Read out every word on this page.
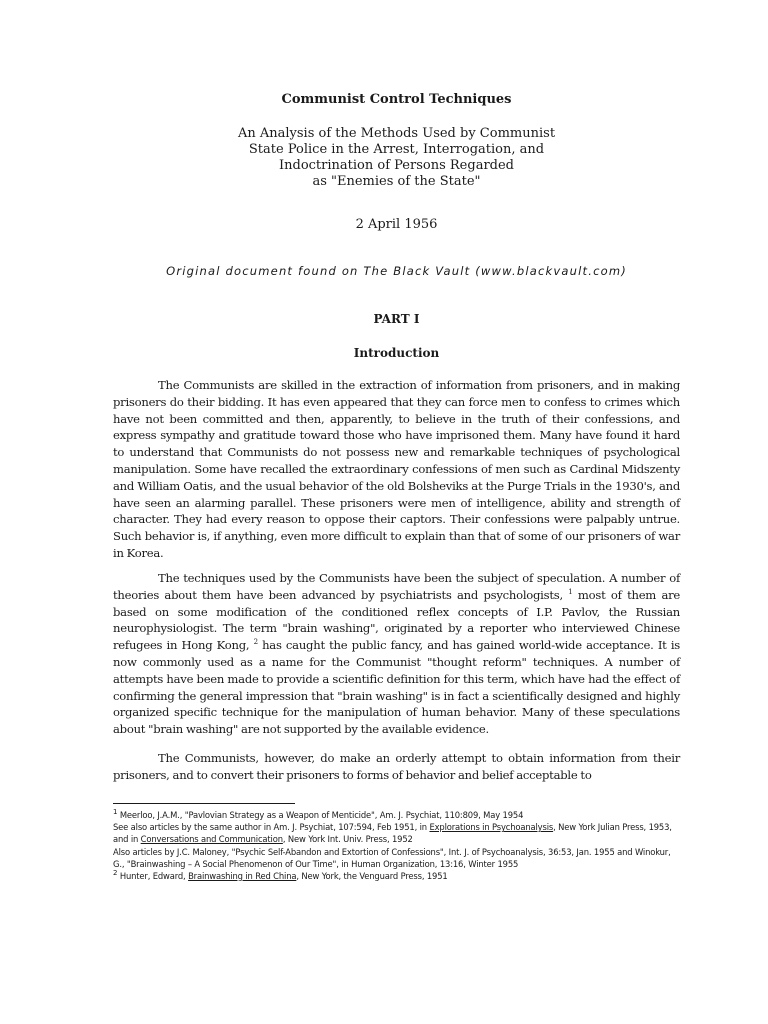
Communist Control Techniques
An Analysis of the Methods Used by Communist
State Police in the Arrest, Interrogation, and
Indoctrination of Persons Regarded
as "Enemies of the State"
2 April 1956
Original document found on The Black Vault (www.blackvault.com)
PART I
Introduction

The Communists are skilled in the extraction of information from prisoners, and in making prisoners do their bidding. It has even appeared that they can force men to confess to crimes which have not been committed and then, apparently, to believe in the truth of their confessions, and express sympathy and gratitude toward those who have imprisoned them. Many have found it hard to understand that Communists do not possess new and remarkable techniques of psychological manipulation. Some have recalled the extraordinary confessions of men such as Cardinal Midszenty and William Oatis, and the usual behavior of the old Bolsheviks at the Purge Trials in the 1930's, and have seen an alarming parallel. These prisoners were men of intelligence, ability and strength of character. They had every reason to oppose their captors. Their confessions were palpably untrue. Such behavior is, if anything, even more difficult to explain than that of some of our prisoners of war in Korea.

The techniques used by the Communists have been the subject of speculation. A number of theories about them have been advanced by psychiatrists and psychologists, $^1$ most of them are based on some modification of the conditioned reflex concepts of I.P. Pavlov, the Russian neurophysiologist. The term "brain washing", originated by a reporter who interviewed Chinese refugees in Hong Kong, $^2$ has caught the public fancy, and has gained world-wide acceptance. It is now commonly used as a name for the Communist "thought reform" techniques. A number of attempts have been made to provide a scientific definition for this term, which have had the effect of confirming the general impression that "brain washing" is in fact a scientifically designed and highly organized specific technique for the manipulation of human behavior. Many of these speculations about "brain washing" are not supported by the available evidence.

The Communists, however, do make an orderly attempt to obtain information from their prisoners, and to convert their prisoners to forms of behavior and belief acceptable to

$^1$ Meerloo, J.A.M., "Pavlovian Strategy as a Weapon of Menticide", Am. J. Psychiat, 110:809, May 1954

See also articles by the same author in Am. J. Psychiat, 107:594, Feb 1951, in Explorations in Psychoanalysis, New York Julian Press, 1953, and in Conversations and Communication, New York Int. Univ. Press, 1952

Also articles by J.C. Maloney, "Psychic Self-Abandon and Extortion of Confessions", Int. J. of Psychoanalysis, 36:53, Jan. 1955 and Winokur, G., "Brainwashing – A Social Phenomenon of Our Time", in Human Organization, 13:16, Winter 1955

$^2$ Hunter, Edward, Brainwashing in Red China, New York, the Venguard Press, 1951
